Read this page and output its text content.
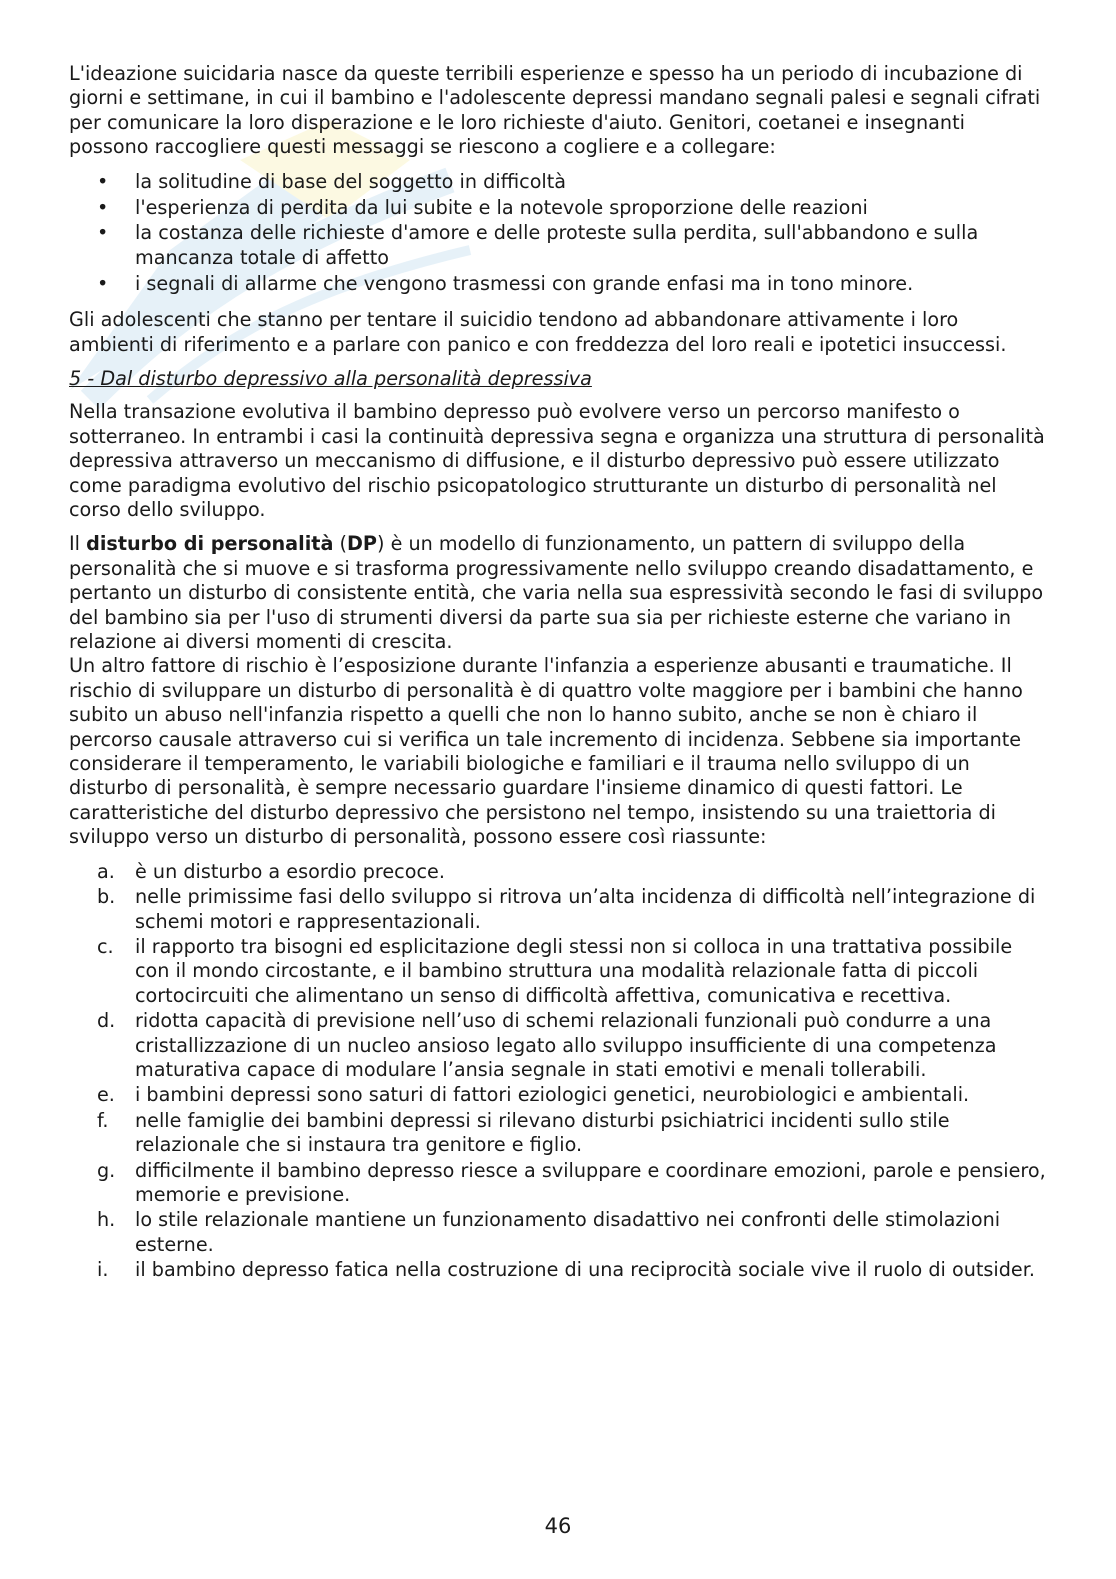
L'ideazione suicidaria nasce da queste terribili esperienze e spesso ha un periodo di incubazione di giorni e settimane, in cui il bambino e l'adolescente depressi mandano segnali palesi e segnali cifrati per comunicare la loro disperazione e le loro richieste d'aiuto. Genitori, coetanei e insegnanti possono raccogliere questi messaggi se riescono a cogliere e a collegare:

• la solitudine di base del soggetto in difficoltà
• l'esperienza di perdita da lui subite e la notevole sproporzione delle reazioni
• la costanza delle richieste d'amore e delle proteste sulla perdita, sull'abbandono e sulla mancanza totale di affetto
• i segnali di allarme che vengono trasmessi con grande enfasi ma in tono minore.

Gli adolescenti che stanno per tentare il suicidio tendono ad abbandonare attivamente i loro ambienti di riferimento e a parlare con panico e con freddezza del loro reali e ipotetici insuccessi.

5 - Dal disturbo depressivo alla personalità depressiva

Nella transazione evolutiva il bambino depresso può evolvere verso un percorso manifesto o sotterraneo. In entrambi i casi la continuità depressiva segna e organizza una struttura di personalità depressiva attraverso un meccanismo di diffusione, e il disturbo depressivo può essere utilizzato come paradigma evolutivo del rischio psicopatologico strutturante un disturbo di personalità nel corso dello sviluppo.

Il disturbo di personalità (DP) è un modello di funzionamento, un pattern di sviluppo della personalità che si muove e si trasforma progressivamente nello sviluppo creando disadattamento, e pertanto un disturbo di consistente entità, che varia nella sua espressività secondo le fasi di sviluppo del bambino sia per l'uso di strumenti diversi da parte sua sia per richieste esterne che variano in relazione ai diversi momenti di crescita.

Un altro fattore di rischio è l’esposizione durante l'infanzia a esperienze abusanti e traumatiche. Il rischio di sviluppare un disturbo di personalità è di quattro volte maggiore per i bambini che hanno subito un abuso nell'infanzia rispetto a quelli che non lo hanno subito, anche se non è chiaro il percorso causale attraverso cui si verifica un tale incremento di incidenza. Sebbene sia importante considerare il temperamento, le variabili biologiche e familiari e il trauma nello sviluppo di un disturbo di personalità, è sempre necessario guardare l'insieme dinamico di questi fattori. Le caratteristiche del disturbo depressivo che persistono nel tempo, insistendo su una traiettoria di sviluppo verso un disturbo di personalità, possono essere così riassunte:

a. è un disturbo a esordio precoce.
b. nelle primissime fasi dello sviluppo si ritrova un’alta incidenza di difficoltà nell’integrazione di schemi motori e rappresentazionali.
c. il rapporto tra bisogni ed esplicitazione degli stessi non si colloca in una trattativa possibile con il mondo circostante, e il bambino struttura una modalità relazionale fatta di piccoli cortocircuiti che alimentano un senso di difficoltà affettiva, comunicativa e recettiva.
d. ridotta capacità di previsione nell’uso di schemi relazionali funzionali può condurre a una cristallizzazione di un nucleo ansioso legato allo sviluppo insufficiente di una competenza maturativa capace di modulare l’ansia segnale in stati emotivi e menali tollerabili.
e. i bambini depressi sono saturi di fattori eziologici genetici, neurobiologici e ambientali.
f. nelle famiglie dei bambini depressi si rilevano disturbi psichiatrici incidenti sullo stile relazionale che si instaura tra genitore e figlio.
g. difficilmente il bambino depresso riesce a sviluppare e coordinare emozioni, parole e pensiero, memorie e previsione.
h. lo stile relazionale mantiene un funzionamento disadattivo nei confronti delle stimolazioni esterne.
i. il bambino depresso fatica nella costruzione di una reciprocità sociale vive il ruolo di outsider.
46
